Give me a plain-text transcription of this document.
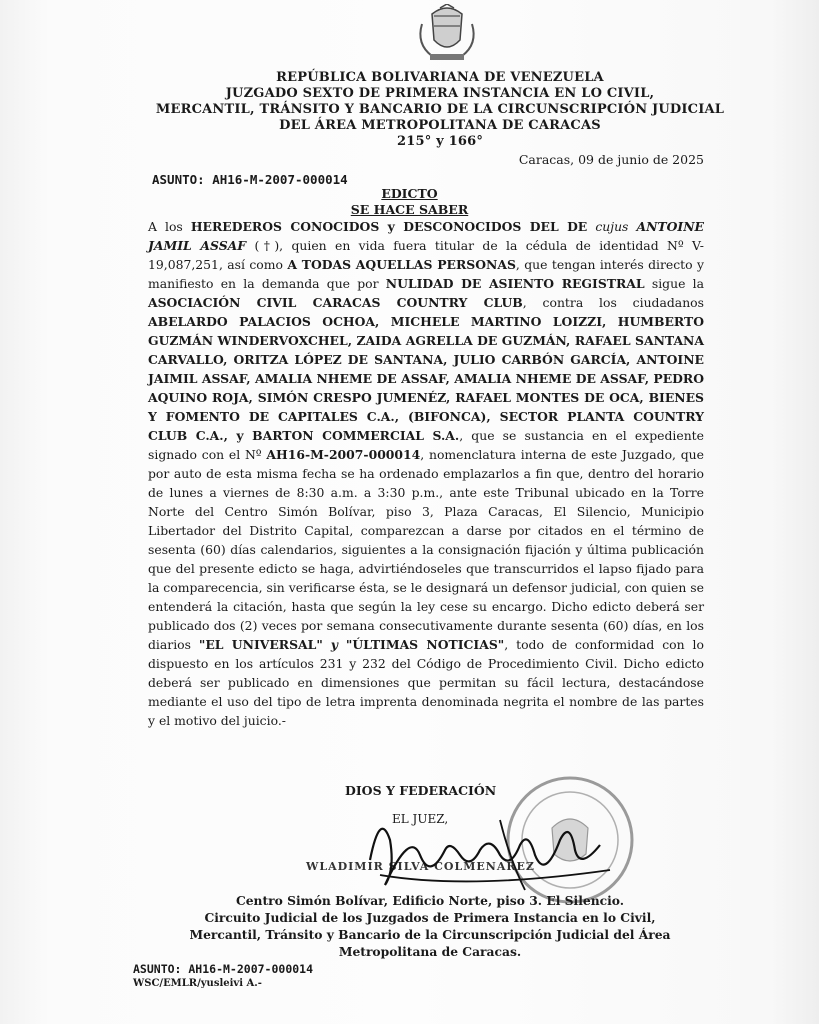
REPÚBLICA BOLIVARIANA DE VENEZUELA
JUZGADO SEXTO DE PRIMERA INSTANCIA EN LO CIVIL,
MERCANTIL, TRÁNSITO Y BANCARIO DE LA CIRCUNSCRIPCIÓN JUDICIAL
DEL ÁREA METROPOLITANA DE CARACAS
215° y 166°
Caracas, 09 de junio de 2025
ASUNTO: AH16-M-2007-000014
EDICTO
SE HACE SABER
A los HEREDEROS CONOCIDOS y DESCONOCIDOS DEL DE cujus ANTOINE JAMIL ASSAF (†), quien en vida fuera titular de la cédula de identidad Nº V-19,087,251, así como A TODAS AQUELLAS PERSONAS, que tengan interés directo y manifiesto en la demanda que por NULIDAD DE ASIENTO REGISTRAL sigue la ASOCIACIÓN CIVIL CARACAS COUNTRY CLUB, contra los ciudadanos ABELARDO PALACIOS OCHOA, MICHELE MARTINO LOIZZI, HUMBERTO GUZMÁN WINDERVOXCHEL, ZAIDA AGRELLA DE GUZMÁN, RAFAEL SANTANA CARVALLO, ORITZA LÓPEZ DE SANTANA, JULIO CARBÓN GARCÍA, ANTOINE JAIMIL ASSAF, AMALIA NHEME DE ASSAF, AMALIA NHEME DE ASSAF, PEDRO AQUINO ROJA, SIMÓN CRESPO JUMENÉZ, RAFAEL MONTES DE OCA, BIENES Y FOMENTO DE CAPITALES C.A., (BIFONCA), SECTOR PLANTA COUNTRY CLUB C.A., y BARTON COMMERCIAL S.A., que se sustancia en el expediente signado con el Nº AH16-M-2007-000014, nomenclatura interna de este Juzgado, que por auto de esta misma fecha se ha ordenado emplazarlos a fin que, dentro del horario de lunes a viernes de 8:30 a.m. a 3:30 p.m., ante este Tribunal ubicado en la Torre Norte del Centro Simón Bolívar, piso 3, Plaza Caracas, El Silencio, Municipio Libertador del Distrito Capital, comparezcan a darse por citados en el término de sesenta (60) días calendarios, siguientes a la consignación fijación y última publicación que del presente edicto se haga, advirtiéndoseles que transcurridos el lapso fijado para la comparecencia, sin verificarse ésta, se le designará un defensor judicial, con quien se entenderá la citación, hasta que según la ley cese su encargo. Dicho edicto deberá ser publicado dos (2) veces por semana consecutivamente durante sesenta (60) días, en los diarios "EL UNIVERSAL" y "ÚLTIMAS NOTICIAS", todo de conformidad con lo dispuesto en los artículos 231 y 232 del Código de Procedimiento Civil. Dicho edicto deberá ser publicado en dimensiones que permitan su fácil lectura, destacándose mediante el uso del tipo de letra imprenta denominada negrita el nombre de las partes y el motivo del juicio.-
DIOS Y FEDERACIÓN
EL JUEZ,
WLADIMIR SILVA COLMENAREZ
Centro Simón Bolívar, Edificio Norte, piso 3. El Silencio.
Circuito Judicial de los Juzgados de Primera Instancia en lo Civil,
Mercantil, Tránsito y Bancario de la Circunscripción Judicial del Área
Metropolitana de Caracas.
ASUNTO: AH16-M-2007-000014
WSC/EMLR/yusleivi A.-
